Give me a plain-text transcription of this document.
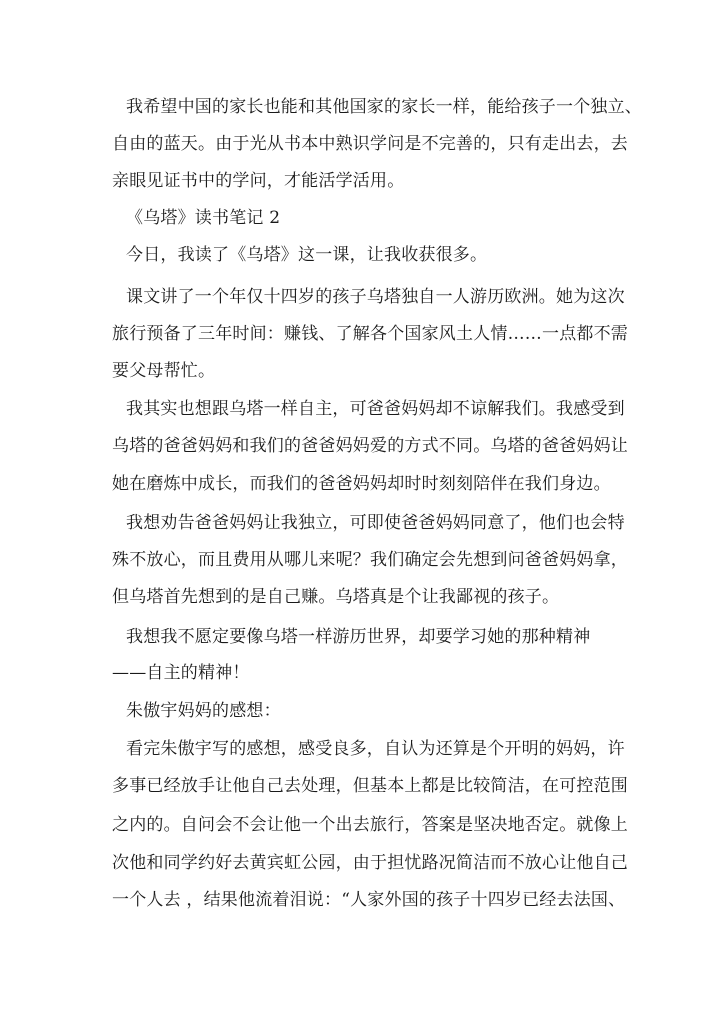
我希望中国的家长也能和其他国家的家长一样，能给孩子一个独立、
自由的蓝天。由于光从书本中熟识学问是不完善的，只有走出去，去
亲眼见证书中的学问，才能活学活用。
《乌塔》读书笔记 2
今日，我读了《乌塔》这一课，让我收获很多。
课文讲了一个年仅十四岁的孩子乌塔独自一人游历欧洲。她为这次
旅行预备了三年时间：赚钱、了解各个国家风土人情……一点都不需
要父母帮忙。
我其实也想跟乌塔一样自主，可爸爸妈妈却不谅解我们。我感受到
乌塔的爸爸妈妈和我们的爸爸妈妈爱的方式不同。乌塔的爸爸妈妈让
她在磨炼中成长，而我们的爸爸妈妈却时时刻刻陪伴在我们身边。
我想劝告爸爸妈妈让我独立，可即使爸爸妈妈同意了，他们也会特
殊不放心，而且费用从哪儿来呢？我们确定会先想到问爸爸妈妈拿，
但乌塔首先想到的是自己赚。乌塔真是个让我鄙视的孩子。
我想我不愿定要像乌塔一样游历世界，却要学习她的那种精神
——自主的精神！
朱傲宇妈妈的感想：
看完朱傲宇写的感想，感受良多，自认为还算是个开明的妈妈，许
多事已经放手让他自己去处理，但基本上都是比较简洁，在可控范围
之内的。自问会不会让他一个出去旅行，答案是坚决地否定。就像上
次他和同学约好去黄宾虹公园，由于担忧路况简洁而不放心让他自己
一个人去 ，结果他流着泪说：“人家外国的孩子十四岁已经去法国、
